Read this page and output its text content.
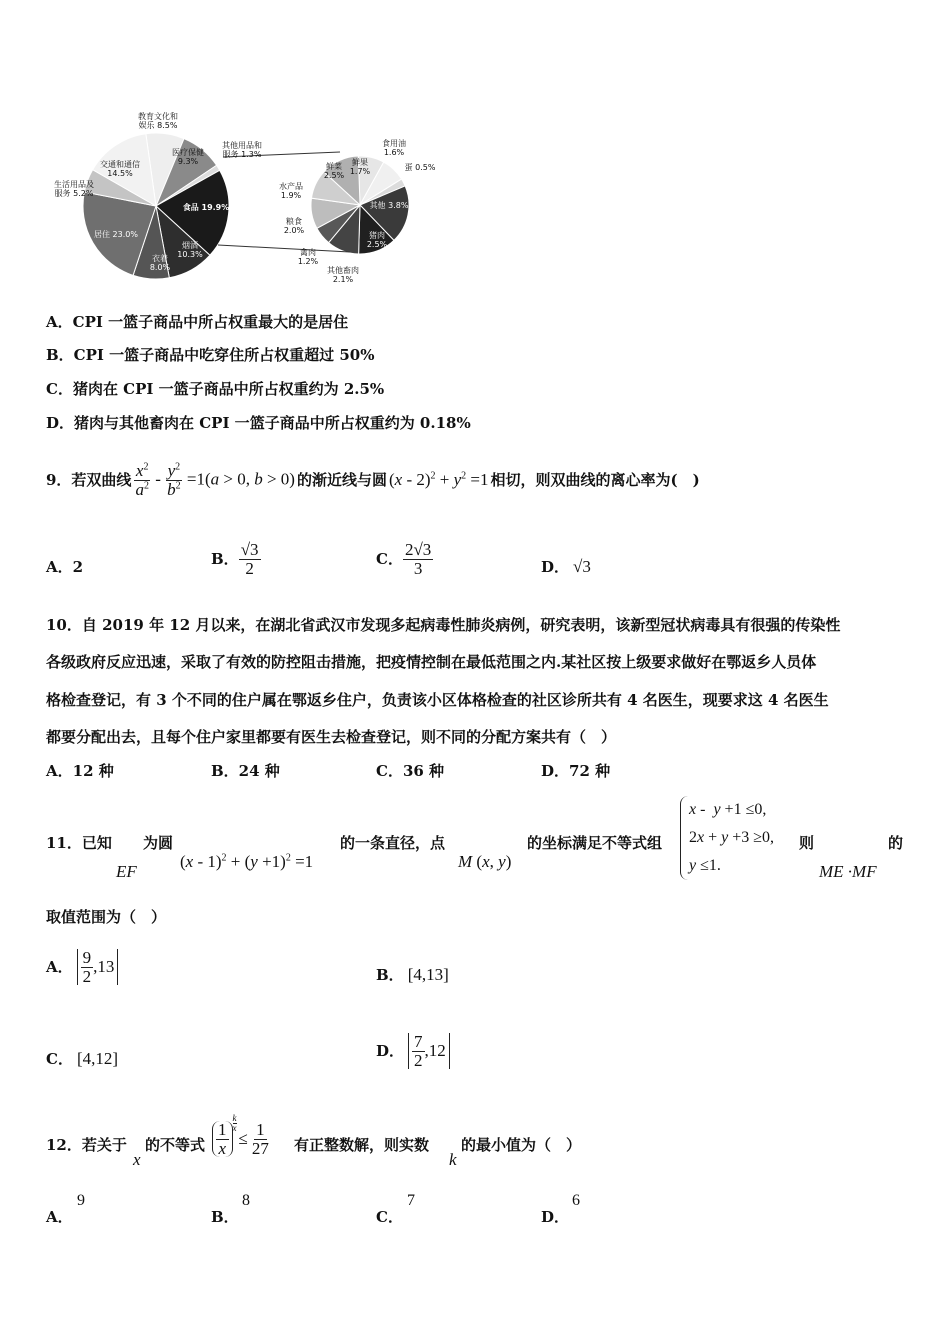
教育文化和
娱乐 8.5%
医疗保健
9.3%
其他用品和
服务 1.3%
食品 19.9%
烟酒
10.3%
衣着
8.0%
居住 23.0%
生活用品及
服务 5.2%
交通和通信
14.5%
鲜果
1.7%
食用油
1.6%
蛋 0.5%
其他 3.8%
猪肉
2.5%
其他畜肉
2.1%
禽肉
1.2%
粮食
2.0%
水产品
1.9%
鲜菜
2.5%
A．CPI 一篮子商品中所占权重最大的是居住
B．CPI 一篮子商品中吃穿住所占权重超过 50%
C．猪肉在 CPI 一篮子商品中所占权重约为 2.5%
D．猪肉与其他畜肉在 CPI 一篮子商品中所占权重约为 0.18%
9．若双曲线 $\frac{x^2}{a^2} - \frac{y^2}{b^2} =1(a > 0$, b > 0) 的渐近线与圆 $(x - 2)^2 + y^2 =1$ 相切，则双曲线的离心率为(　)
A．2	B． $\frac{√3}{2}$	C． $\frac{2√3}{3}$	D． √3
10．自 2019 年 12 月以来，在湖北省武汉市发现多起病毒性肺炎病例，研究表明，该新型冠状病毒具有很强的传染性
各级政府反应迅速，采取了有效的防控阻击措施，把疫情控制在最低范围之内.某社区按上级要求做好在鄂返乡人员体
格检查登记，有 3 个不同的住户属在鄂返乡住户，负责该小区体格检查的社区诊所共有 4 名医生，现要求这 4 名医生
都要分配出去，且每个住户家里都要有医生去检查登记，则不同的分配方案共有（　）
A．12 种	B．24 种	C．36 种	D．72 种
11．已知
EF
为圆
$(x - 1)^2 + (y +1)^2 =1$
的一条直径，点
M (x, y)
的坐标满足不等式组
x -  y +1 ≤0,
2x + y +3 ≥0,
y ≤1.
则
ME ·MF
的
取值范围为（　）
A． $\frac{9}{2} ,13$	B． [4,13]
C． [4,12]	D． $\frac{7}{2} ,12$
12．若关于
x
的不等式 $\frac{1}{x} \frac{k}{x}$
≤ $\frac{1}{27}$ 有正整数解，则实数
k
的最小值为（　）
A．
9
B．
8
C．
7
D．
6
